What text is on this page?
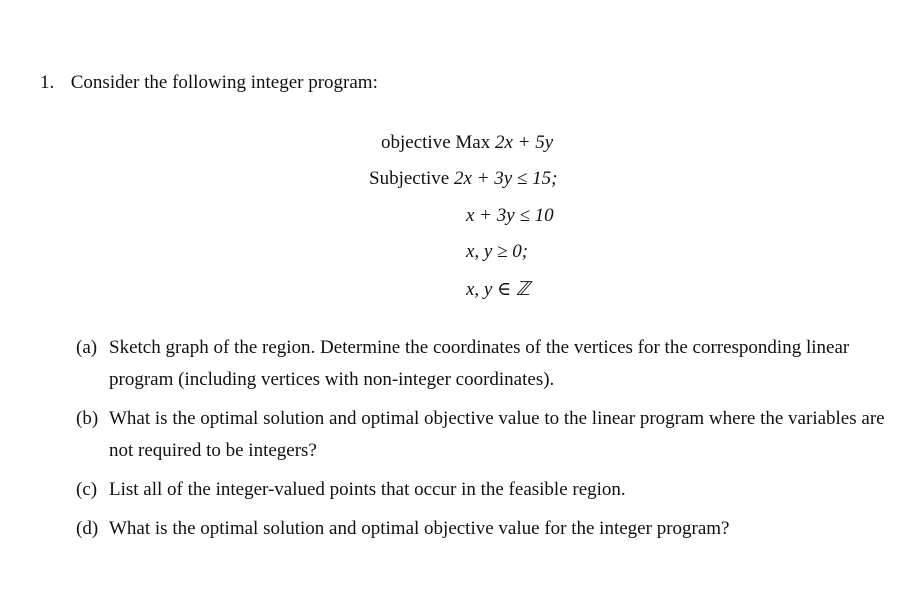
1. Consider the following integer program:
objective Max 2x + 5y
Subjective 2x + 3y ≤ 15;
x + 3y ≤ 10
x, y ≥ 0;
x, y ∈ ℤ
(a) Sketch graph of the region. Determine the coordinates of the vertices for the corresponding linear program (including vertices with non-integer coordinates).
(b) What is the optimal solution and optimal objective value to the linear program where the variables are not required to be integers?
(c) List all of the integer-valued points that occur in the feasible region.
(d) What is the optimal solution and optimal objective value for the integer program?
